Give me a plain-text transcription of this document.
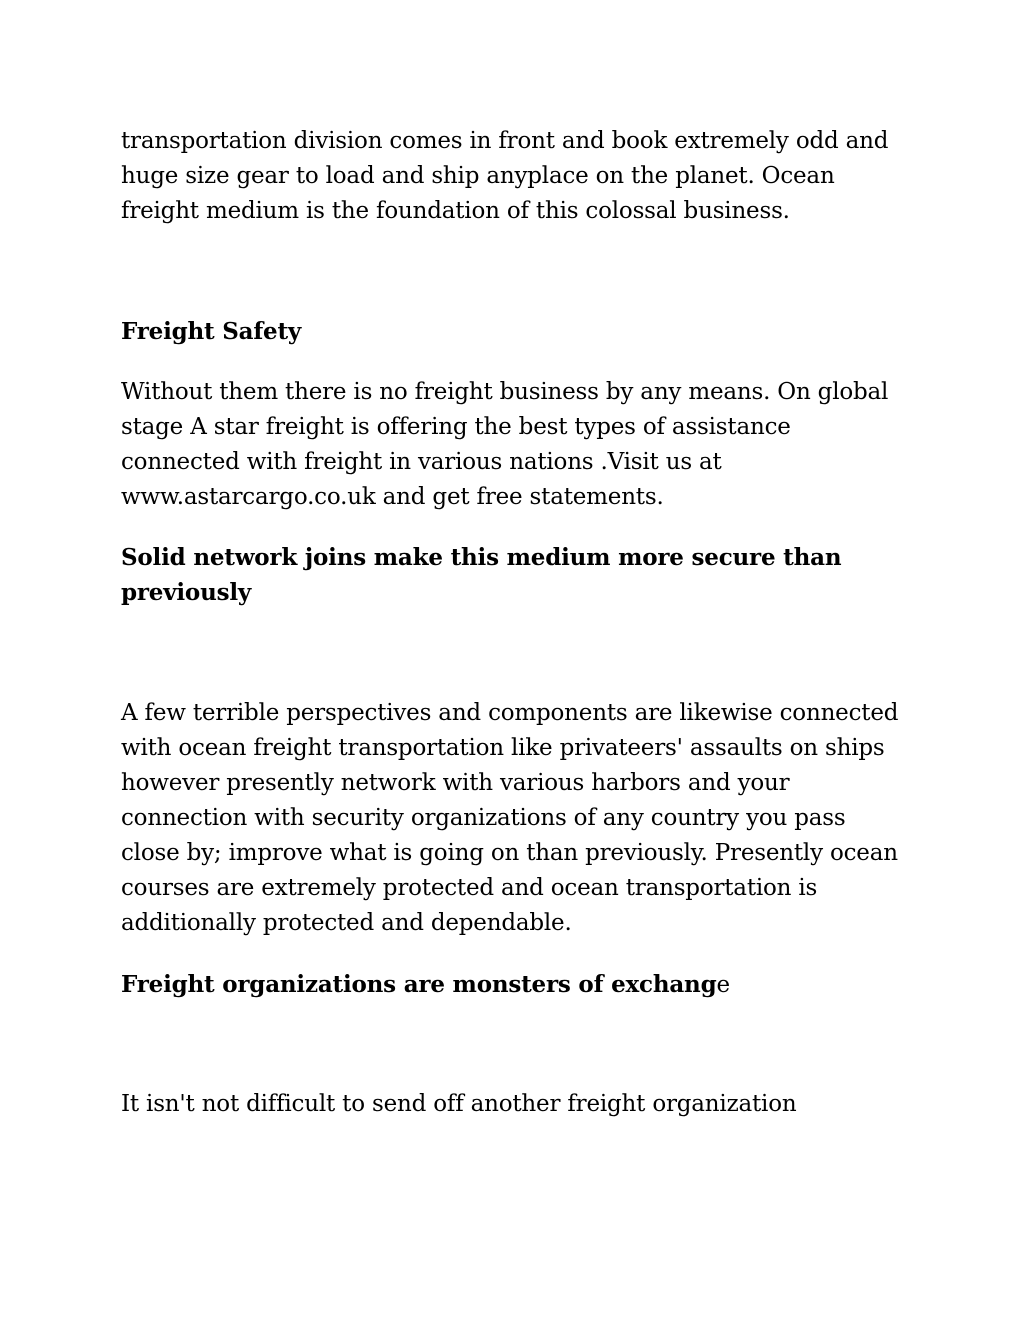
transportation division comes in front and book extremely odd and huge size gear to load and ship anyplace on the planet. Ocean freight medium is the foundation of this colossal business.

Freight Safety

Without them there is no freight business by any means. On global stage A star freight is offering the best types of assistance connected with freight in various nations .Visit us at www.astarcargo.co.uk and get free statements.

Solid network joins make this medium more secure than previously

A few terrible perspectives and components are likewise connected with ocean freight transportation like privateers' assaults on ships however presently network with various harbors and your connection with security organizations of any country you pass close by; improve what is going on than previously. Presently ocean courses are extremely protected and ocean transportation is additionally protected and dependable.

Freight organizations are monsters of exchange

It isn't not difficult to send off another freight organization
